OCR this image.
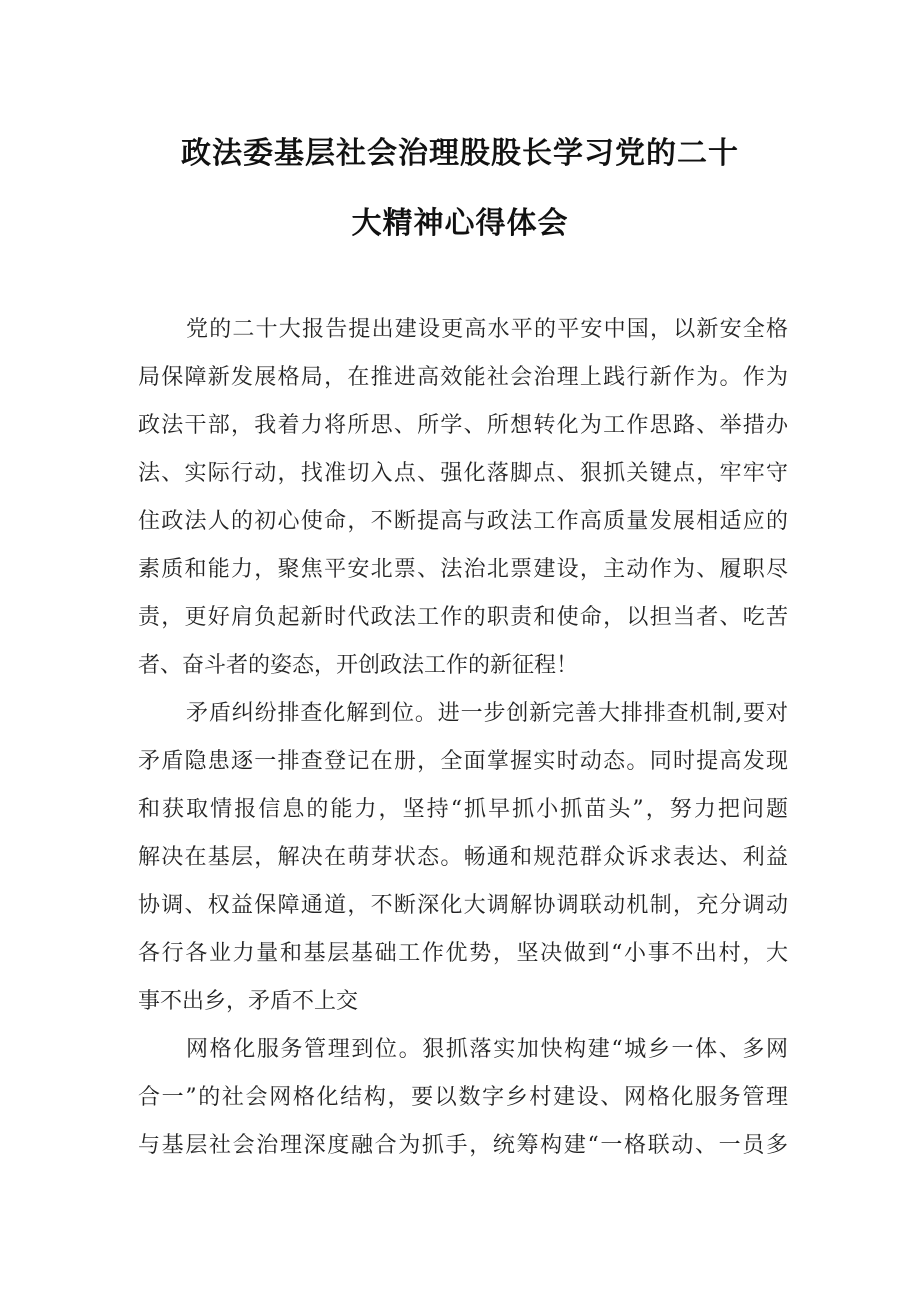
政法委基层社会治理股股长学习党的二十
大精神心得体会
党的二十大报告提出建设更高水平的平安中国，以新安全格
局保障新发展格局，在推进高效能社会治理上践行新作为。作为
政法干部，我着力将所思、所学、所想转化为工作思路、举措办
法、实际行动，找准切入点、强化落脚点、狠抓关键点，牢牢守
住政法人的初心使命，不断提高与政法工作高质量发展相适应的
素质和能力，聚焦平安北票、法治北票建设，主动作为、履职尽
责，更好肩负起新时代政法工作的职责和使命，以担当者、吃苦
者、奋斗者的姿态，开创政法工作的新征程！
矛盾纠纷排查化解到位。进一步创新完善大排排查机制,要对
矛盾隐患逐一排查登记在册，全面掌握实时动态。同时提高发现
和获取情报信息的能力，坚持“抓早抓小抓苗头”，努力把问题
解决在基层，解决在萌芽状态。畅通和规范群众诉求表达、利益
协调、权益保障通道，不断深化大调解协调联动机制，充分调动
各行各业力量和基层基础工作优势，坚决做到“小事不出村，大
事不出乡，矛盾不上交
网格化服务管理到位。狠抓落实加快构建“城乡一体、多网
合一”的社会网格化结构，要以数字乡村建设、网格化服务管理
与基层社会治理深度融合为抓手，统筹构建“一格联动、一员多
